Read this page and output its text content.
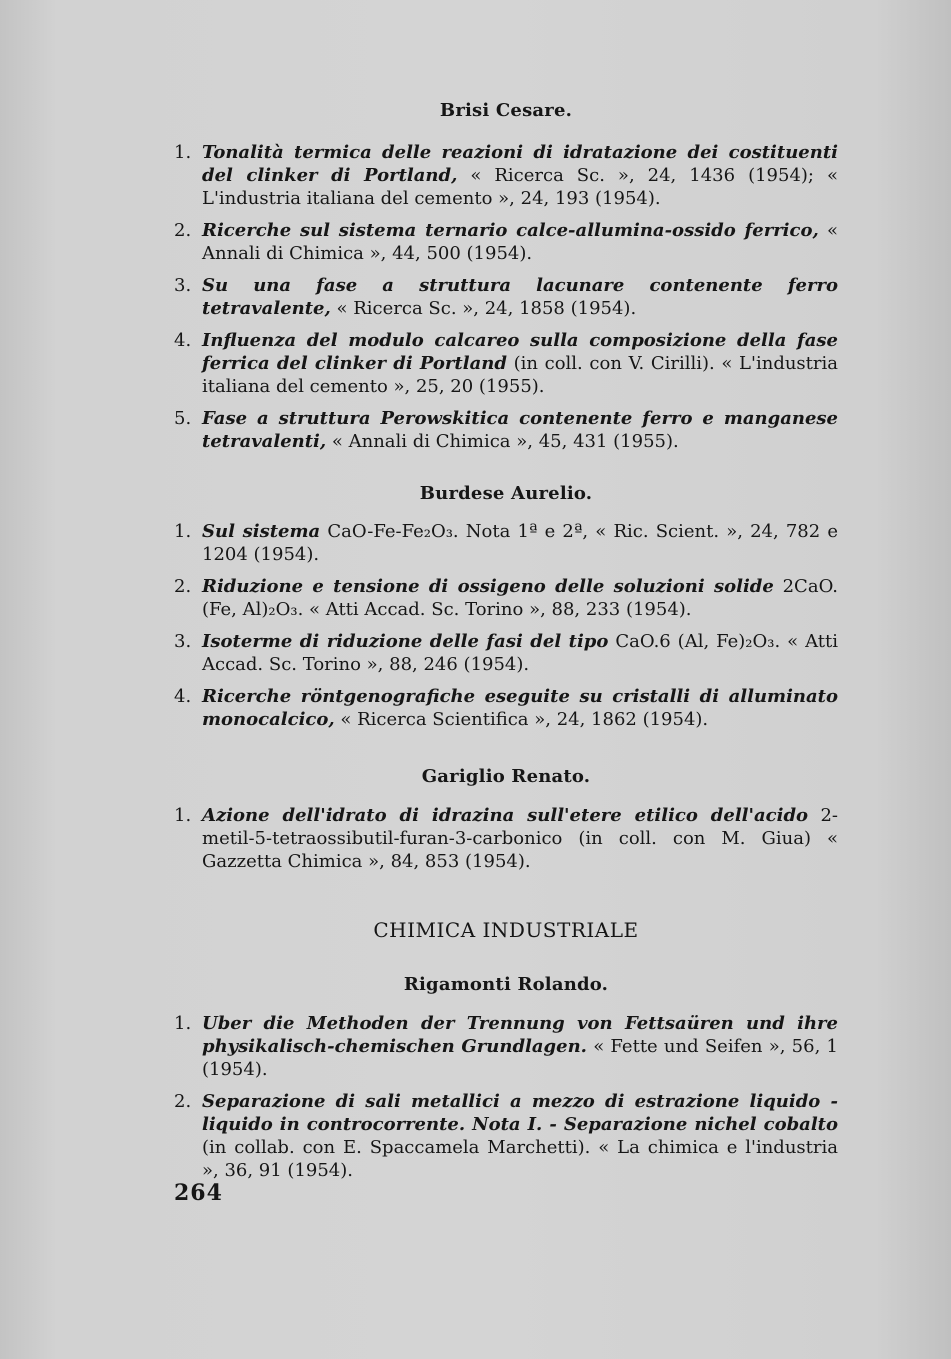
Brisi Cesare.
1. Tonalità termica delle reazioni di idratazione dei costituenti del clinker di Portland, « Ricerca Sc. », 24, 1436 (1954); « L'industria italiana del cemento », 24, 193 (1954).
2. Ricerche sul sistema ternario calce-allumina-ossido ferrico, « Annali di Chimica », 44, 500 (1954).
3. Su una fase a struttura lacunare contenente ferro tetravalente, « Ricerca Sc. », 24, 1858 (1954).
4. Influenza del modulo calcareo sulla composizione della fase ferrica del clinker di Portland (in coll. con V. Cirilli). « L'industria italiana del cemento », 25, 20 (1955).
5. Fase a struttura Perowskitica contenente ferro e manganese tetravalenti, « Annali di Chimica », 45, 431 (1955).
Burdese Aurelio.
1. Sul sistema CaO-Fe-Fe₂O₃. Nota 1ª e 2ª, « Ric. Scient. », 24, 782 e 1204 (1954).
2. Riduzione e tensione di ossigeno delle soluzioni solide 2CaO.(Fe, Al)₂O₃. « Atti Accad. Sc. Torino », 88, 233 (1954).
3. Isoterme di riduzione delle fasi del tipo CaO.6 (Al, Fe)₂O₃. « Atti Accad. Sc. Torino », 88, 246 (1954).
4. Ricerche röntgenografiche eseguite su cristalli di alluminato monocalcico, « Ricerca Scientifica », 24, 1862 (1954).
Gariglio Renato.
1. Azione dell'idrato di idrazina sull'etere etilico dell'acido 2-metil-5-tetraossibutil-furan-3-carbonico (in coll. con M. Giua) « Gazzetta Chimica », 84, 853 (1954).
CHIMICA INDUSTRIALE
Rigamonti Rolando.
1. Uber die Methoden der Trennung von Fettsaüren und ihre physikalisch-chemischen Grundlagen. « Fette und Seifen », 56, 1 (1954).
2. Separazione di sali metallici a mezzo di estrazione liquido - liquido in controcorrente. Nota I. - Separazione nichel cobalto (in collab. con E. Spaccamela Marchetti). « La chimica e l'industria », 36, 91 (1954).
264
